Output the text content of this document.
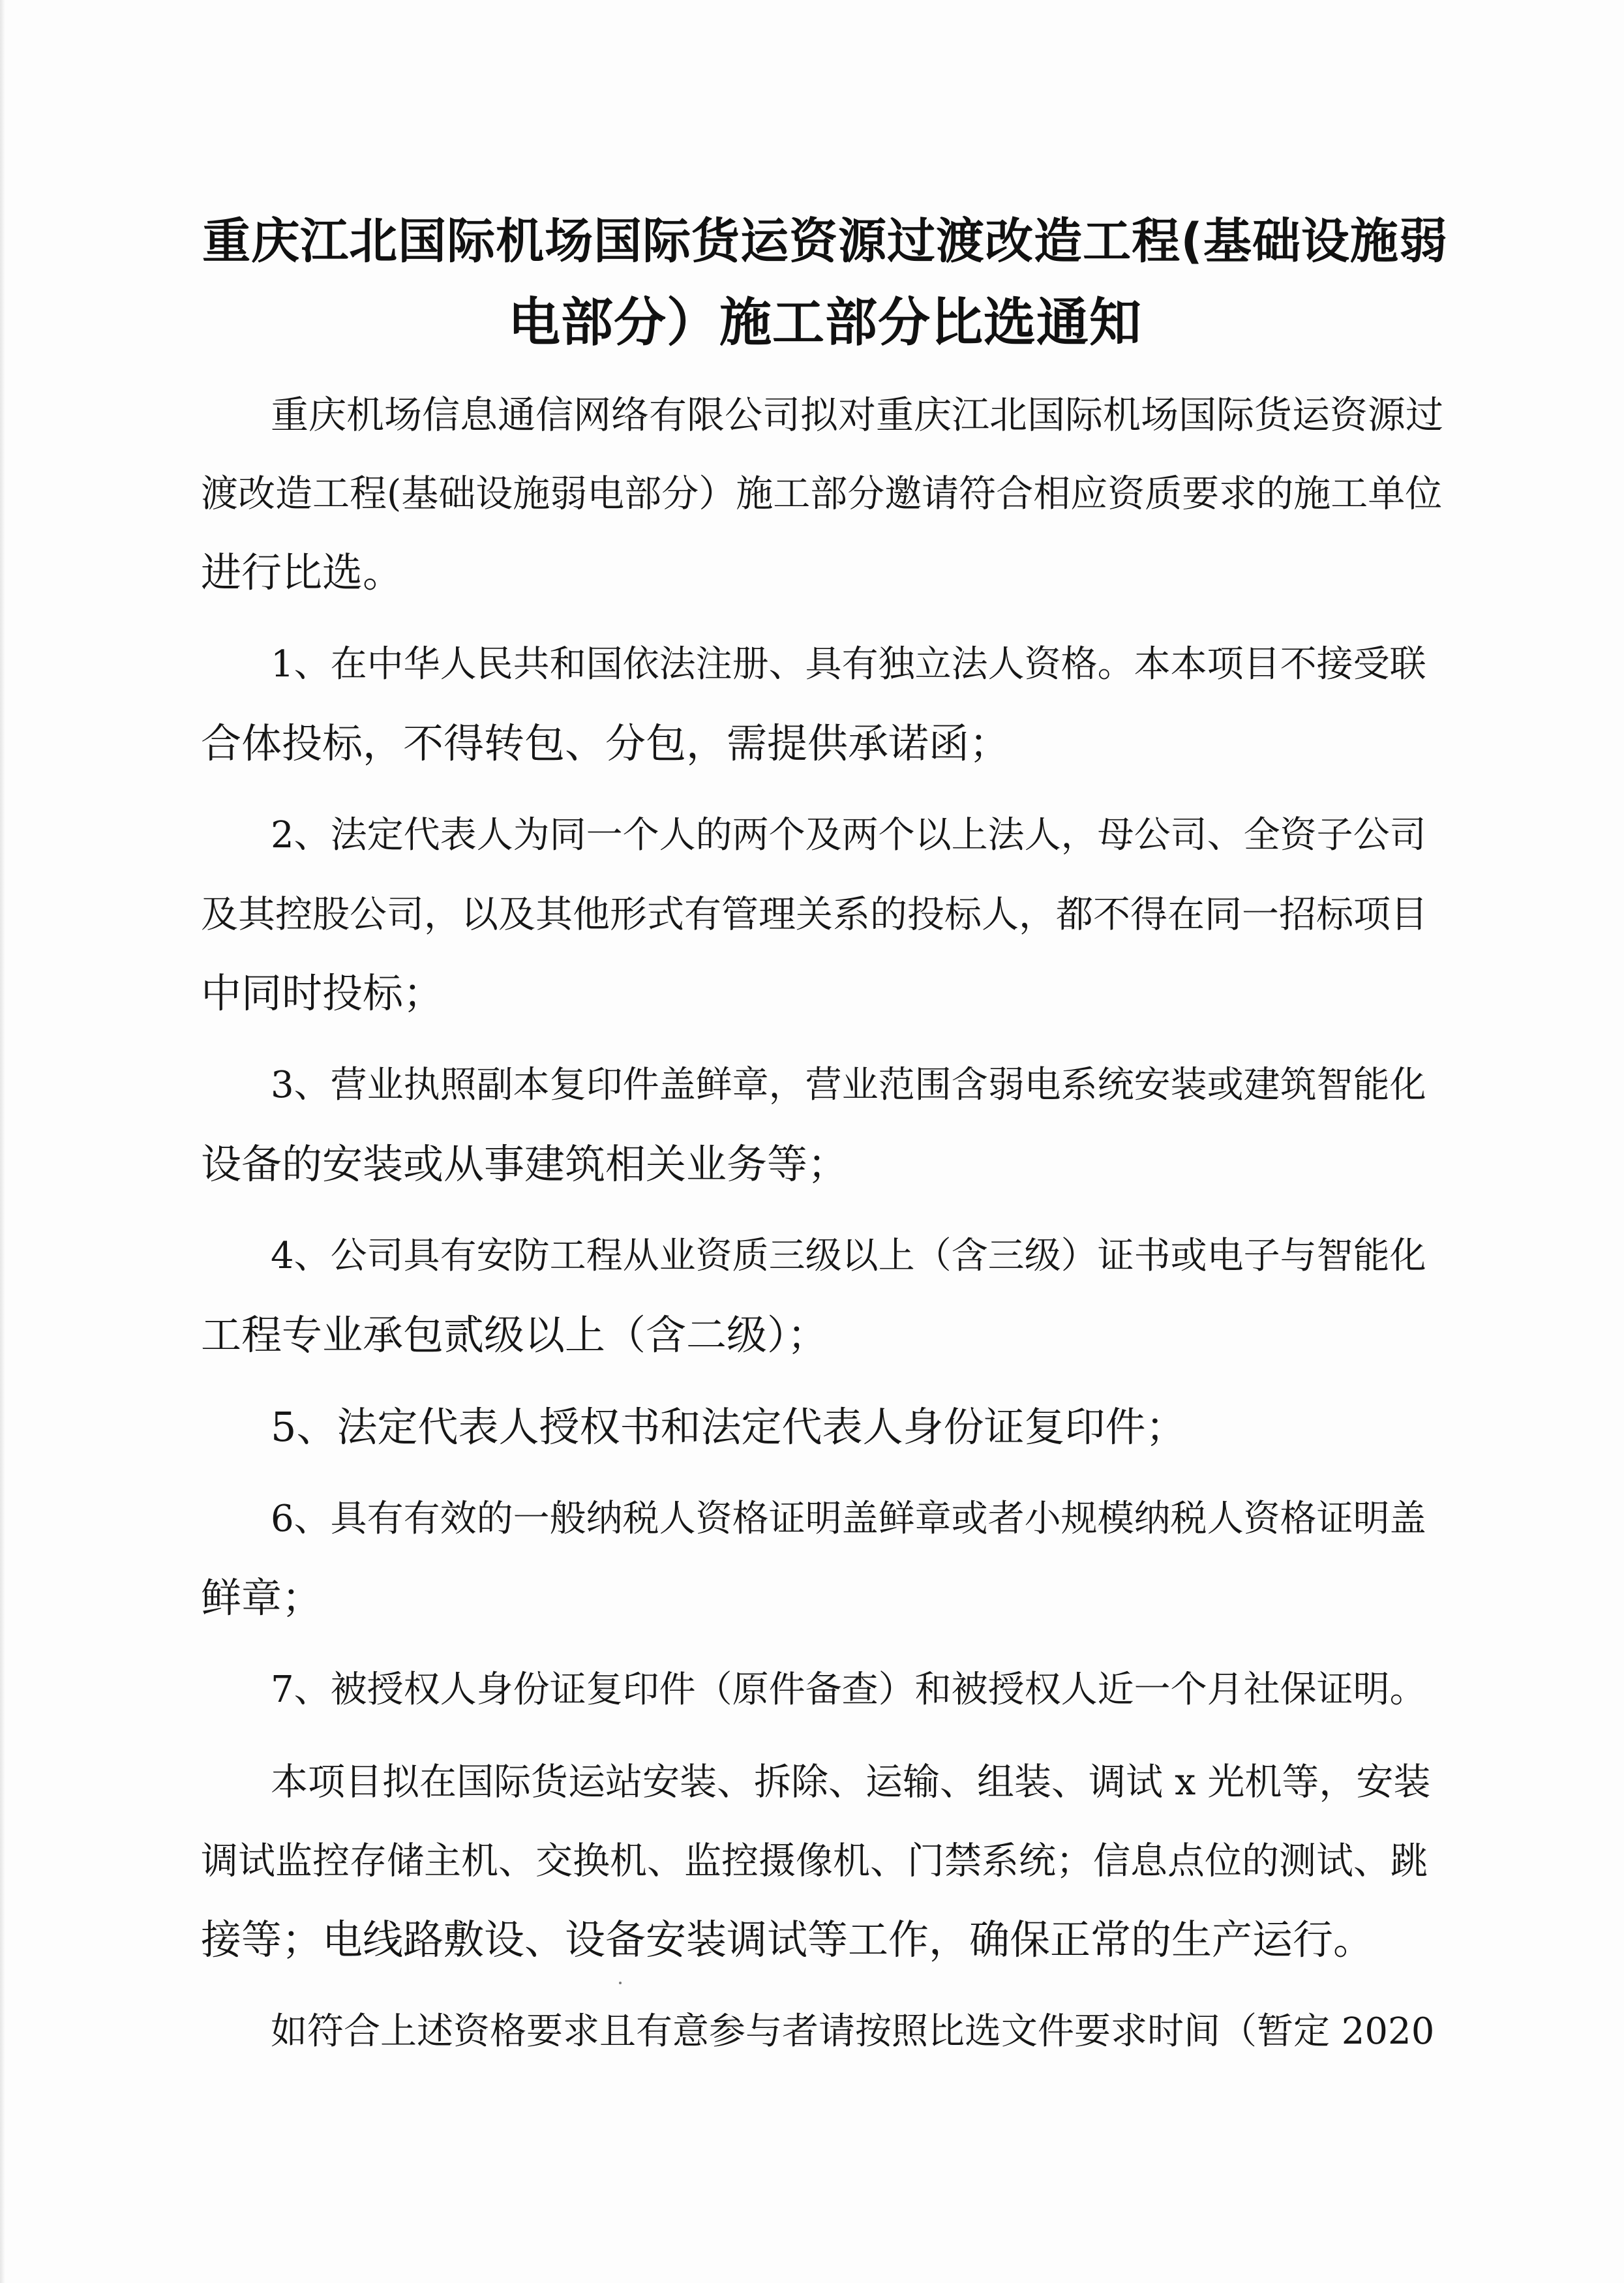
重庆江北国际机场国际货运资源过渡改造工程(基础设施弱
电部分）施工部分比选通知
重庆机场信息通信网络有限公司拟对重庆江北国际机场国际货运资源过
渡改造工程(基础设施弱电部分）施工部分邀请符合相应资质要求的施工单位
进行比选。
1、在中华人民共和国依法注册、具有独立法人资格。本本项目不接受联
合体投标，不得转包、分包，需提供承诺函；
2、法定代表人为同一个人的两个及两个以上法人，母公司、全资子公司
及其控股公司，以及其他形式有管理关系的投标人，都不得在同一招标项目
中同时投标；
3、营业执照副本复印件盖鲜章，营业范围含弱电系统安装或建筑智能化
设备的安装或从事建筑相关业务等；
4、公司具有安防工程从业资质三级以上（含三级）证书或电子与智能化
工程专业承包贰级以上（含二级）；
5、法定代表人授权书和法定代表人身份证复印件；
6、具有有效的一般纳税人资格证明盖鲜章或者小规模纳税人资格证明盖
鲜章；
7、被授权人身份证复印件（原件备查）和被授权人近一个月社保证明。
本项目拟在国际货运站安装、拆除、运输、组装、调试 x 光机等，安装
调试监控存储主机、交换机、监控摄像机、门禁系统；信息点位的测试、跳
接等；电线路敷设、设备安装调试等工作，确保正常的生产运行。
如符合上述资格要求且有意参与者请按照比选文件要求时间（暂定 2020
